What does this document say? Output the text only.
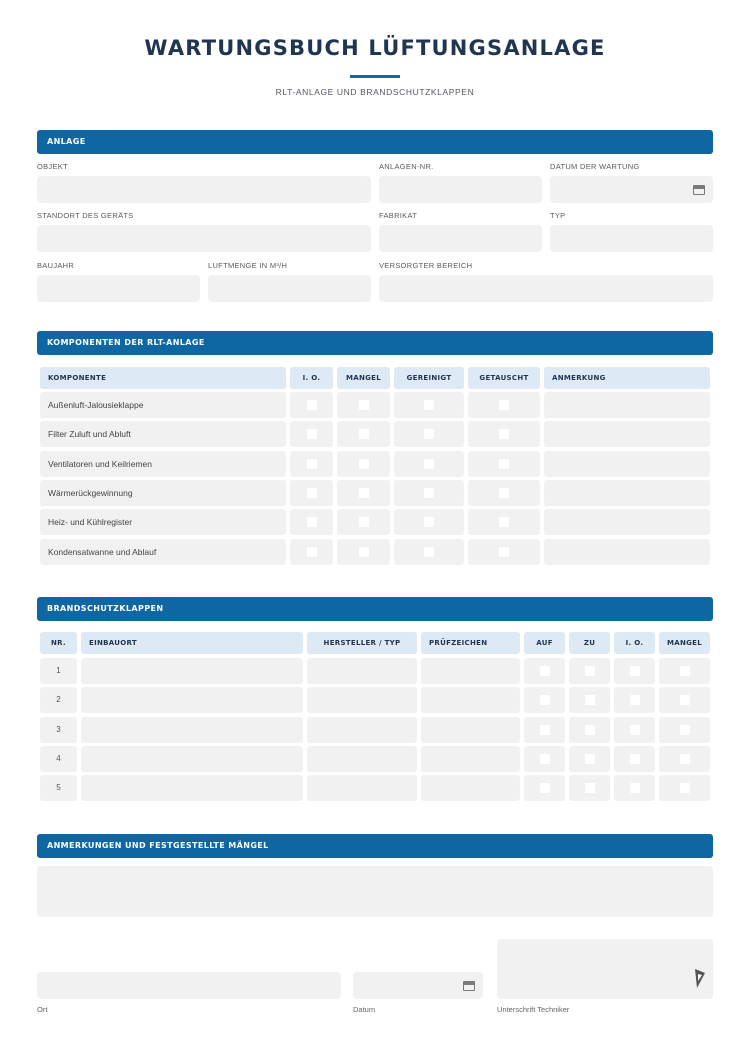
WARTUNGSBUCH LÜFTUNGSANLAGE
RLT-ANLAGE UND BRANDSCHUTZKLAPPEN
ANLAGE
OBJEKT	ANLAGEN-NR.	DATUM DER WARTUNG
STANDORT DES GERÄTS	FABRIKAT	TYP
BAUJAHR	LUFTMENGE IN M³/H	VERSORGTER BEREICH
KOMPONENTEN DER RLT-ANLAGE
KOMPONENTE	I. O.	MANGEL	GEREINIGT	GETAUSCHT	ANMERKUNG
Außenluft-Jalousieklappe
Filter Zuluft und Abluft
Ventilatoren und Keilriemen
Wärmerückgewinnung
Heiz- und Kühlregister
Kondensatwanne und Ablauf
BRANDSCHUTZKLAPPEN
NR.	EINBAUORT	HERSTELLER / TYP	PRÜFZEICHEN	AUF	ZU	I. O.	MANGEL
1
2
3
4
5
ANMERKUNGEN UND FESTGESTELLTE MÄNGEL
Ort	Datum	Unterschrift Techniker
